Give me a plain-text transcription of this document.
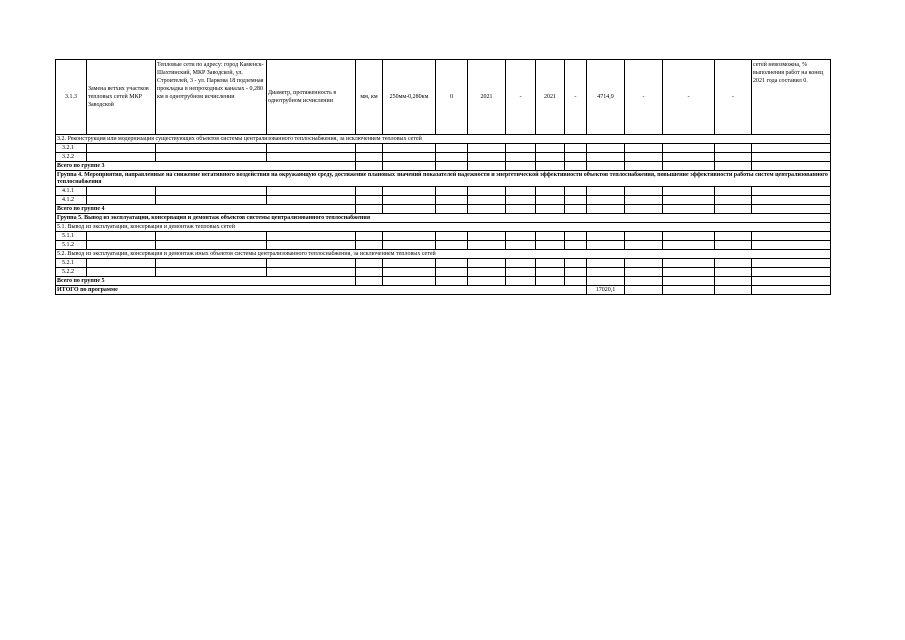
3.1.3	Замена ветхих участков тепловых сетей МКР Заводской	Тепловые сети по адресу: город Каменск-Шахтинский, МКР Заводской, ул. Строителей, 3 - ул. Паркова 18 подземная прокладка в непроходных каналах - 0,280 км в однотрубном исчислении	Диаметр, протяженность в однотрубном исчислении	мм, км	250мм-0,280км	0	2021	-	2021	-	4714,9	-	-	-	сетей невозможна, % выполнения работ на конец 2021 года составил 0.
3.2. Реконструкция или модернизация существующих объектов системы централизованного теплоснабжения, за исключением тепловых сетей															
3.2.1															
3.2.2															
Всего по группе 3															
Группа 4. Мероприятия, направленные на снижение негативного воздействия на окружающую среду, достижение плановых значений показателей надежности и энергетической эффективности объектов теплоснабжения, повышение эффективности работы систем централизованного теплоснабжения															
4.1.1															
4.1.2															
Всего по группе 4															
Группа 5. Вывод из эксплуатации, консервация и демонтаж объектов системы централизованного теплоснабжения															
5.1. Вывод из эксплуатации, консервация и демонтаж тепловых сетей															
5.1.1															
5.1.2															
5.2. Вывод из эксплуатации, консервация и демонтаж иных объектов системы централизованного теплоснабжения, за исключением тепловых сетей															
5.2.1															
5.2.2															
Всего по группе 5															
ИТОГО по программе											17020,1				
